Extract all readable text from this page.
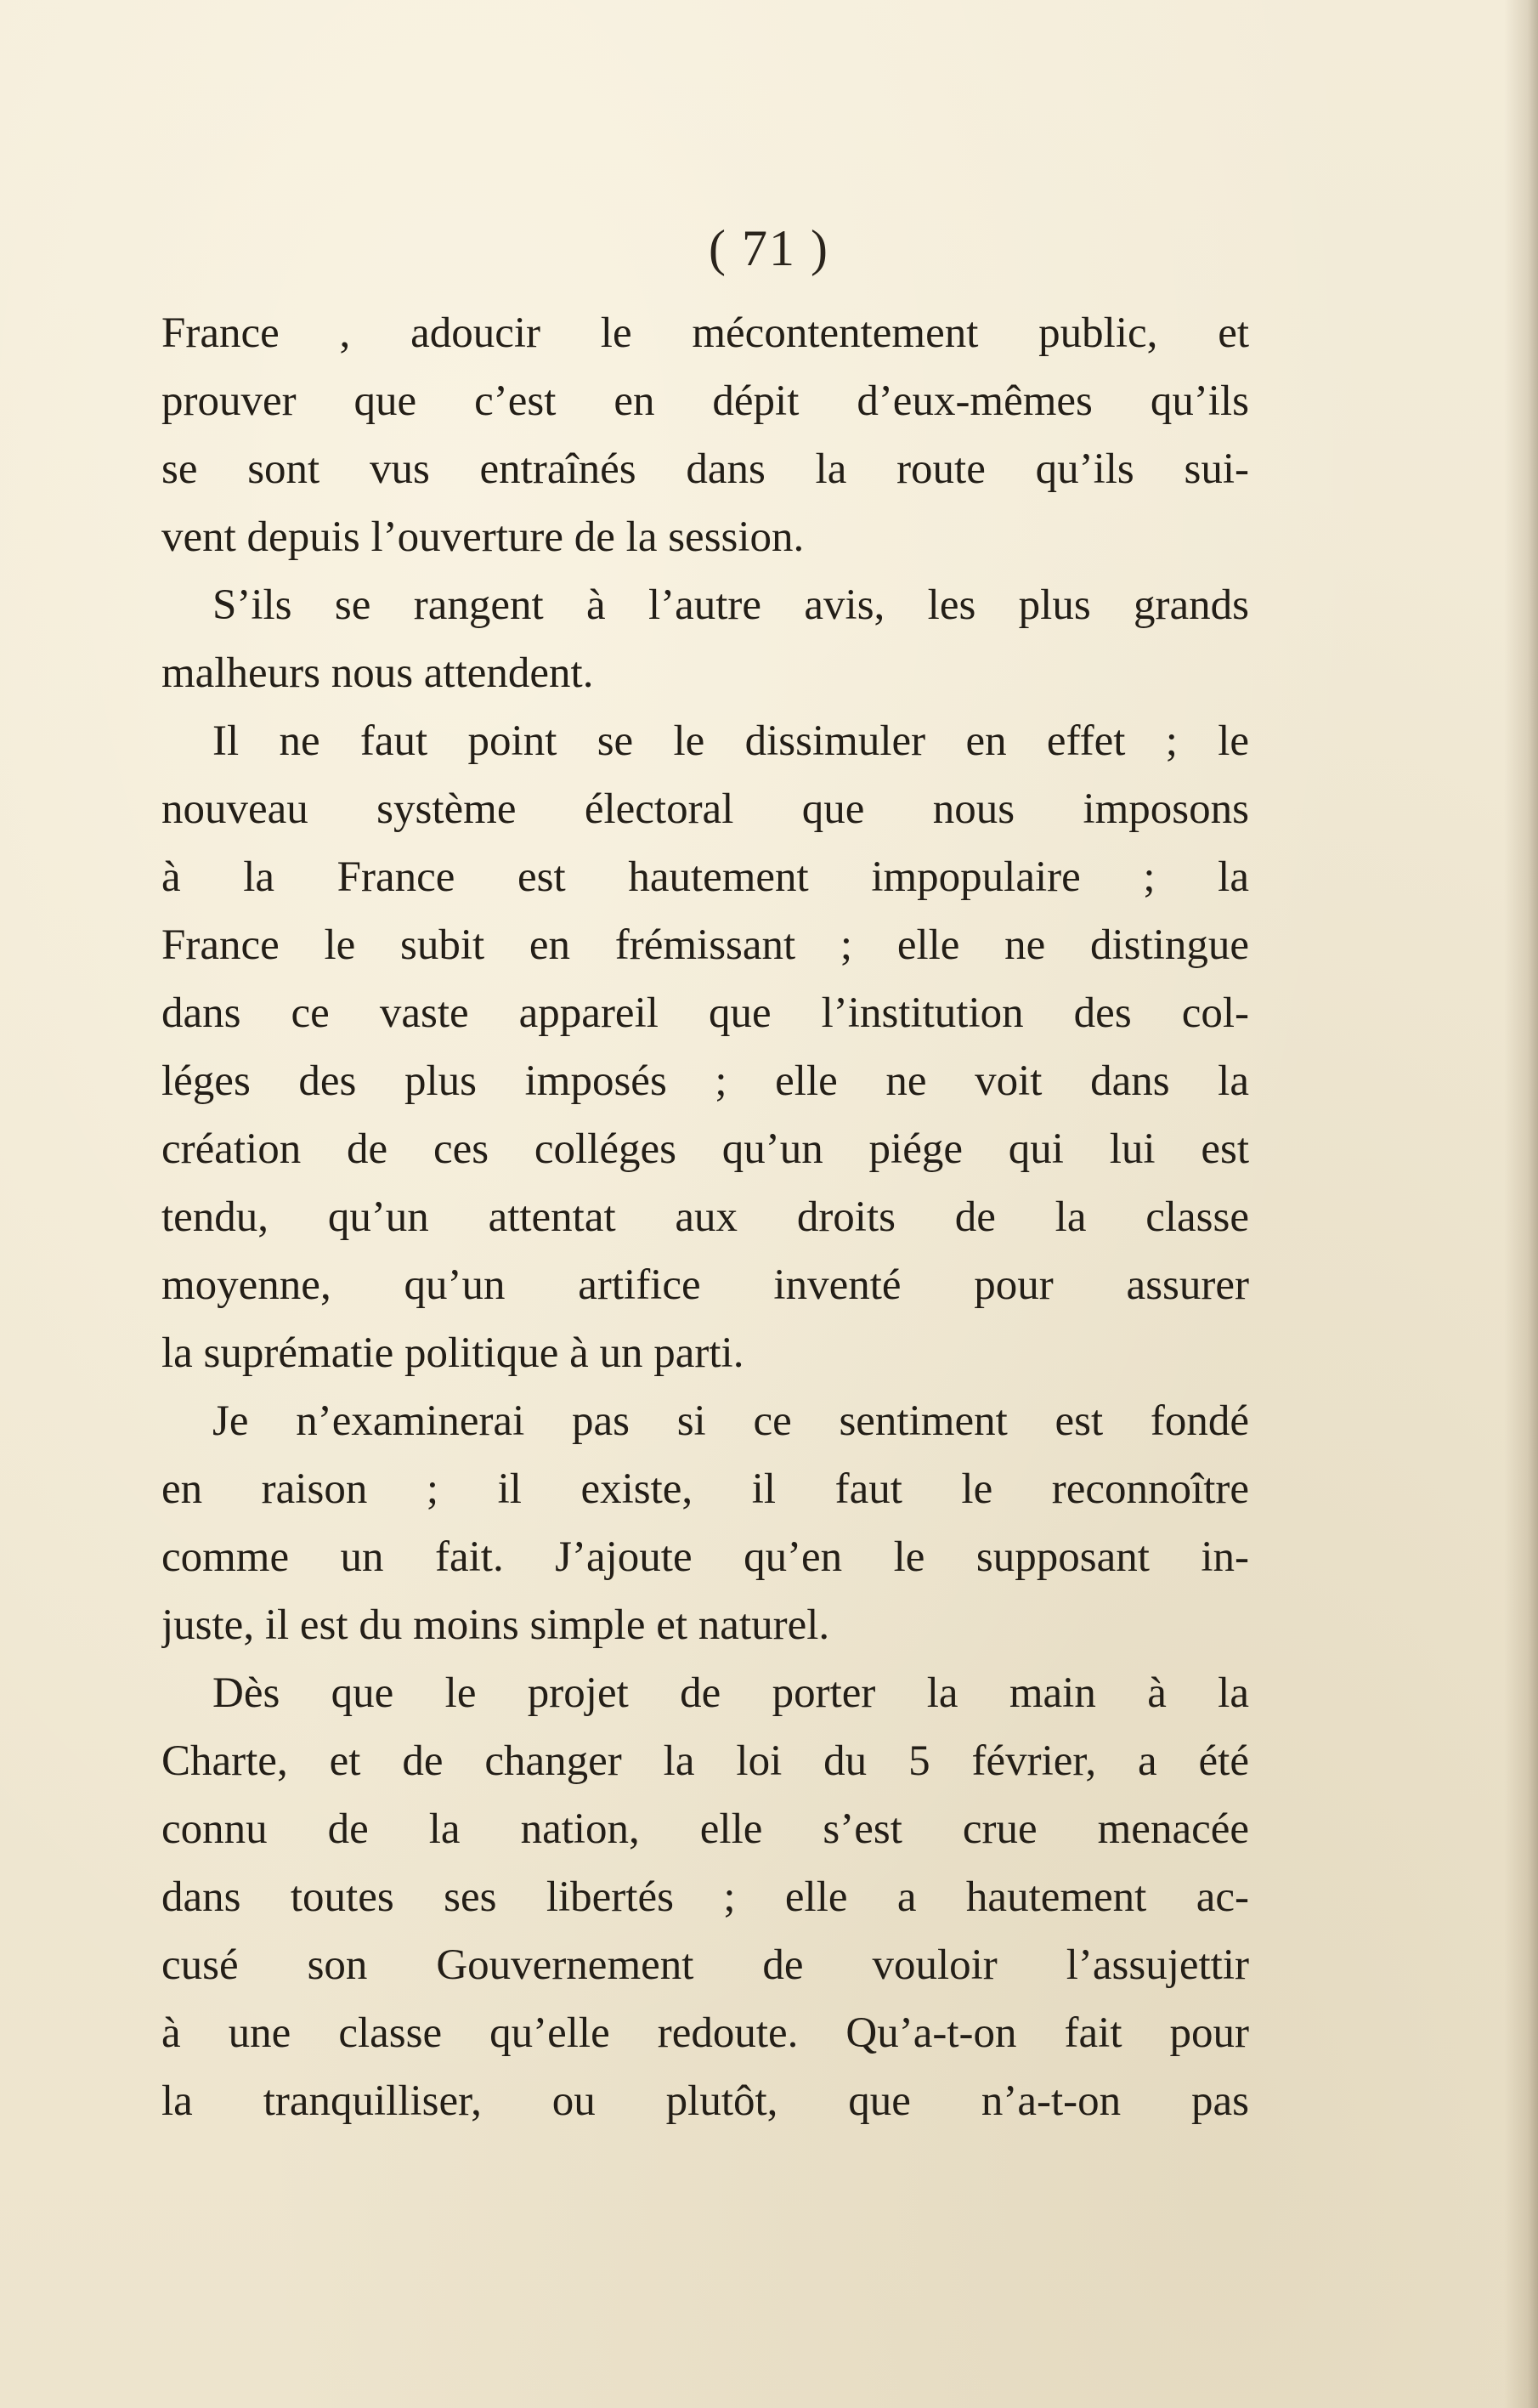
( 71 )
France , adoucir le mécontentement public, et
prouver que c’est en dépit d’eux-mêmes qu’ils
se sont vus entraînés dans la route qu’ils sui-
vent depuis l’ouverture de la session.
S’ils se rangent à l’autre avis, les plus grands
malheurs nous attendent.
Il ne faut point se le dissimuler en effet ; le
nouveau système électoral que nous imposons
à la France est hautement impopulaire ; la
France le subit en frémissant ; elle ne distingue
dans ce vaste appareil que l’institution des col-
léges des plus imposés ; elle ne voit dans la
création de ces colléges qu’un piége qui lui est
tendu, qu’un attentat aux droits de la classe
moyenne, qu’un artifice inventé pour assurer
la suprématie politique à un parti.
Je n’examinerai pas si ce sentiment est fondé
en raison ; il existe, il faut le reconnoître
comme un fait. J’ajoute qu’en le supposant in-
juste, il est du moins simple et naturel.
Dès que le projet de porter la main à la
Charte, et de changer la loi du 5 février, a été
connu de la nation, elle s’est crue menacée
dans toutes ses libertés ; elle a hautement ac-
cusé son Gouvernement de vouloir l’assujettir
à une classe qu’elle redoute. Qu’a-t-on fait pour
la tranquilliser, ou plutôt, que n’a-t-on pas
